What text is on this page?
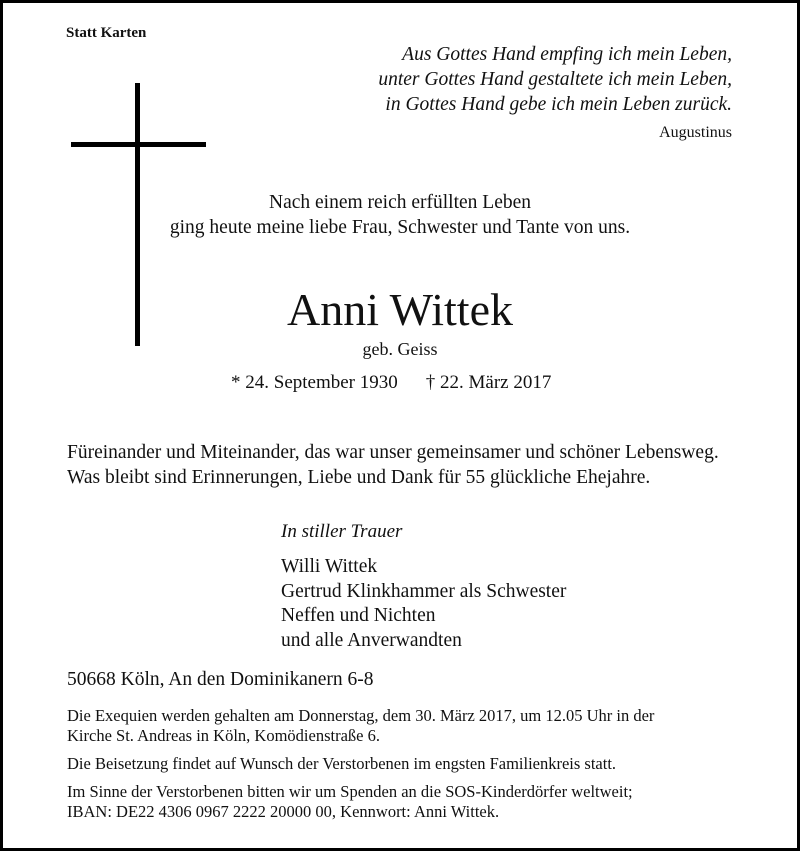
Statt Karten
Aus Gottes Hand empfing ich mein Leben,
unter Gottes Hand gestaltete ich mein Leben,
in Gottes Hand gebe ich mein Leben zurück.
Augustinus
Nach einem reich erfüllten Leben
ging heute meine liebe Frau, Schwester und Tante von uns.
Anni Wittek
geb. Geiss
* 24. September 1930 † 22. März 2017
Füreinander und Miteinander, das war unser gemeinsamer und schöner Lebensweg.
Was bleibt sind Erinnerungen, Liebe und Dank für 55 glückliche Ehejahre.
In stiller Trauer
Willi Wittek
Gertrud Klinkhammer als Schwester
Neffen und Nichten
und alle Anverwandten
50668 Köln, An den Dominikanern 6-8

Die Exequien werden gehalten am Donnerstag, dem 30. März 2017, um 12.05 Uhr in der
Kirche St. Andreas in Köln, Komödienstraße 6.

Die Beisetzung findet auf Wunsch der Verstorbenen im engsten Familienkreis statt.

Im Sinne der Verstorbenen bitten wir um Spenden an die SOS-Kinderdörfer weltweit;
IBAN: DE22 4306 0967 2222 20000 00, Kennwort: Anni Wittek.
